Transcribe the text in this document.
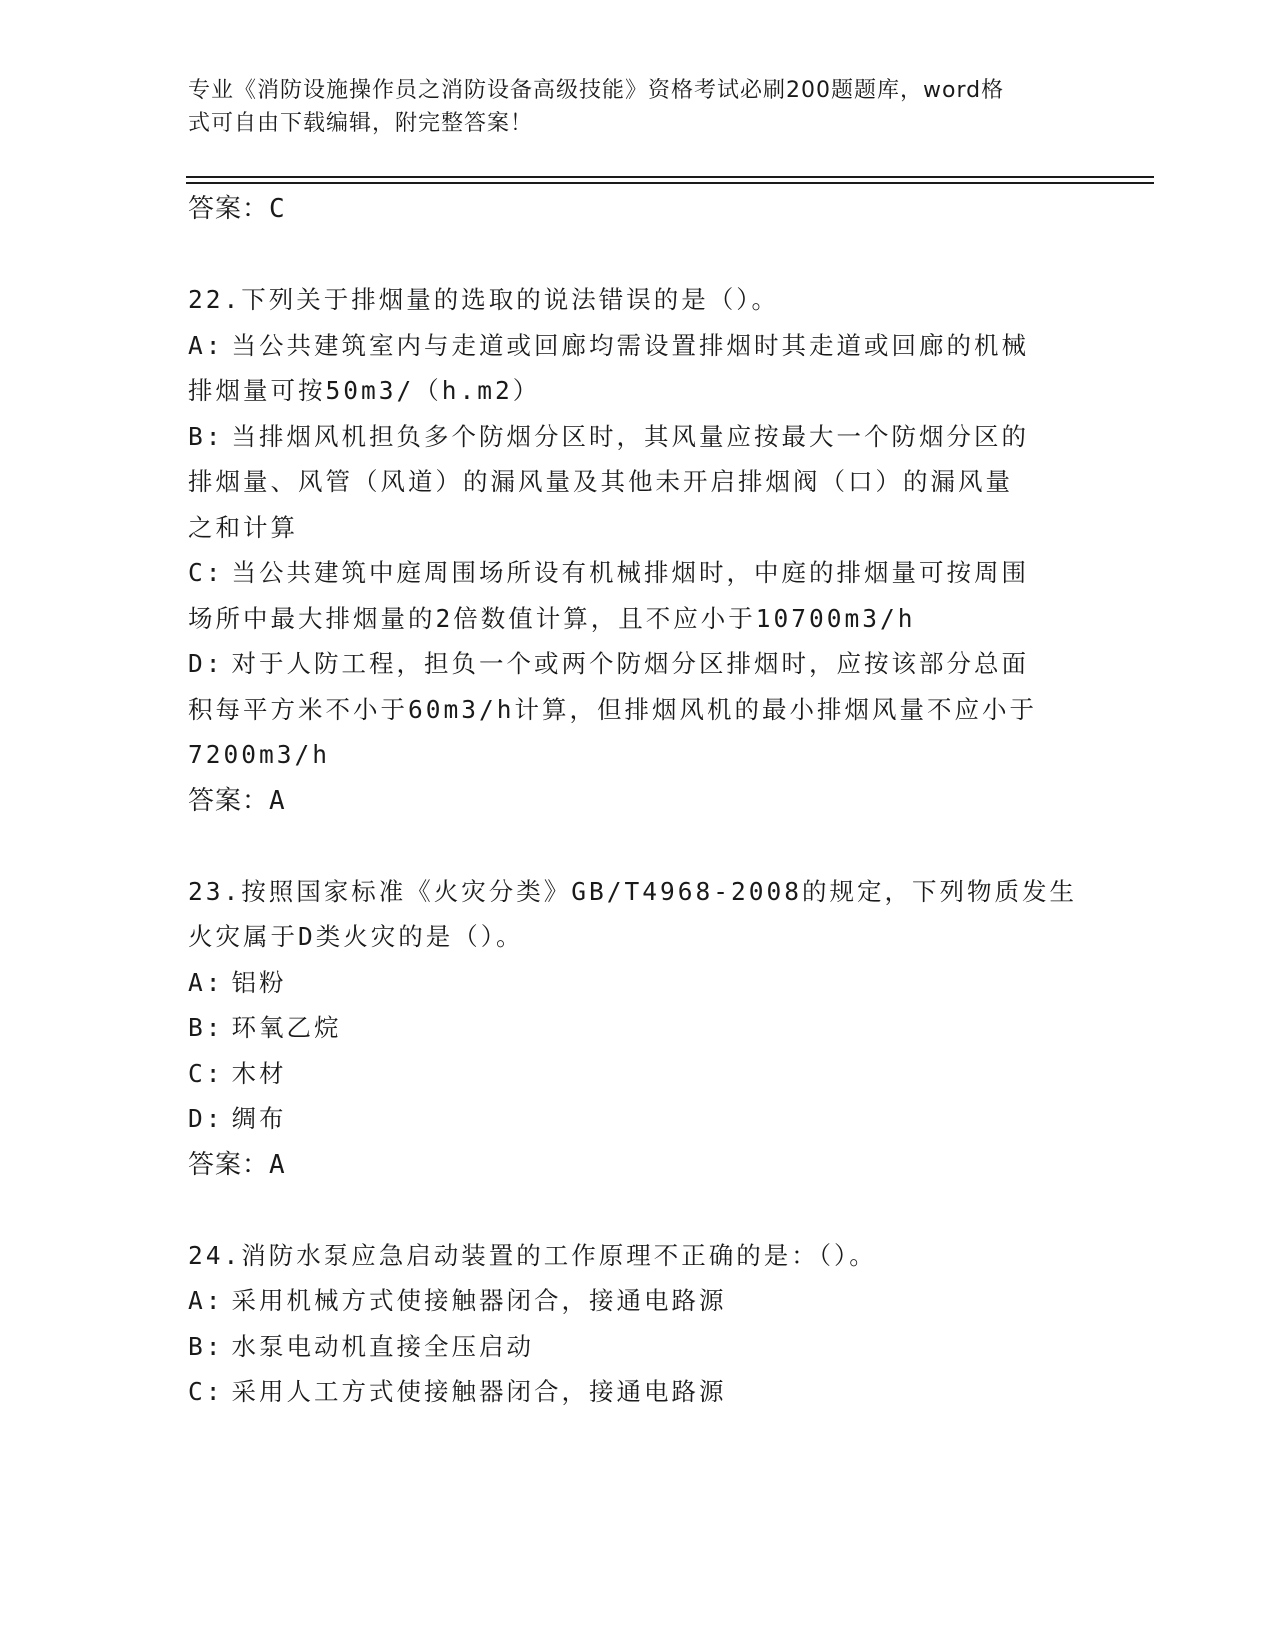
专业《消防设施操作员之消防设备高级技能》资格考试必刷200题题库，word格
式可自由下载编辑，附完整答案！

答案：C

22.下列关于排烟量的选取的说法错误的是（）。

A: 当公共建筑室内与走道或回廊均需设置排烟时其走道或回廊的机械

排烟量可按50m3/（h.m2）

B: 当排烟风机担负多个防烟分区时，其风量应按最大一个防烟分区的

排烟量、风管（风道）的漏风量及其他未开启排烟阀（口）的漏风量

之和计算

C: 当公共建筑中庭周围场所设有机械排烟时，中庭的排烟量可按周围

场所中最大排烟量的2倍数值计算，且不应小于10700m3/h

D: 对于人防工程，担负一个或两个防烟分区排烟时，应按该部分总面

积每平方米不小于60m3/h计算，但排烟风机的最小排烟风量不应小于

7200m3/h

答案：A

23.按照国家标准《火灾分类》GB/T4968-2008的规定，下列物质发生

火灾属于D类火灾的是（）。

A: 铝粉

B: 环氧乙烷

C: 木材

D: 绸布

答案：A

24.消防水泵应急启动装置的工作原理不正确的是：（）。

A: 采用机械方式使接触器闭合，接通电路源

B: 水泵电动机直接全压启动

C: 采用人工方式使接触器闭合，接通电路源
